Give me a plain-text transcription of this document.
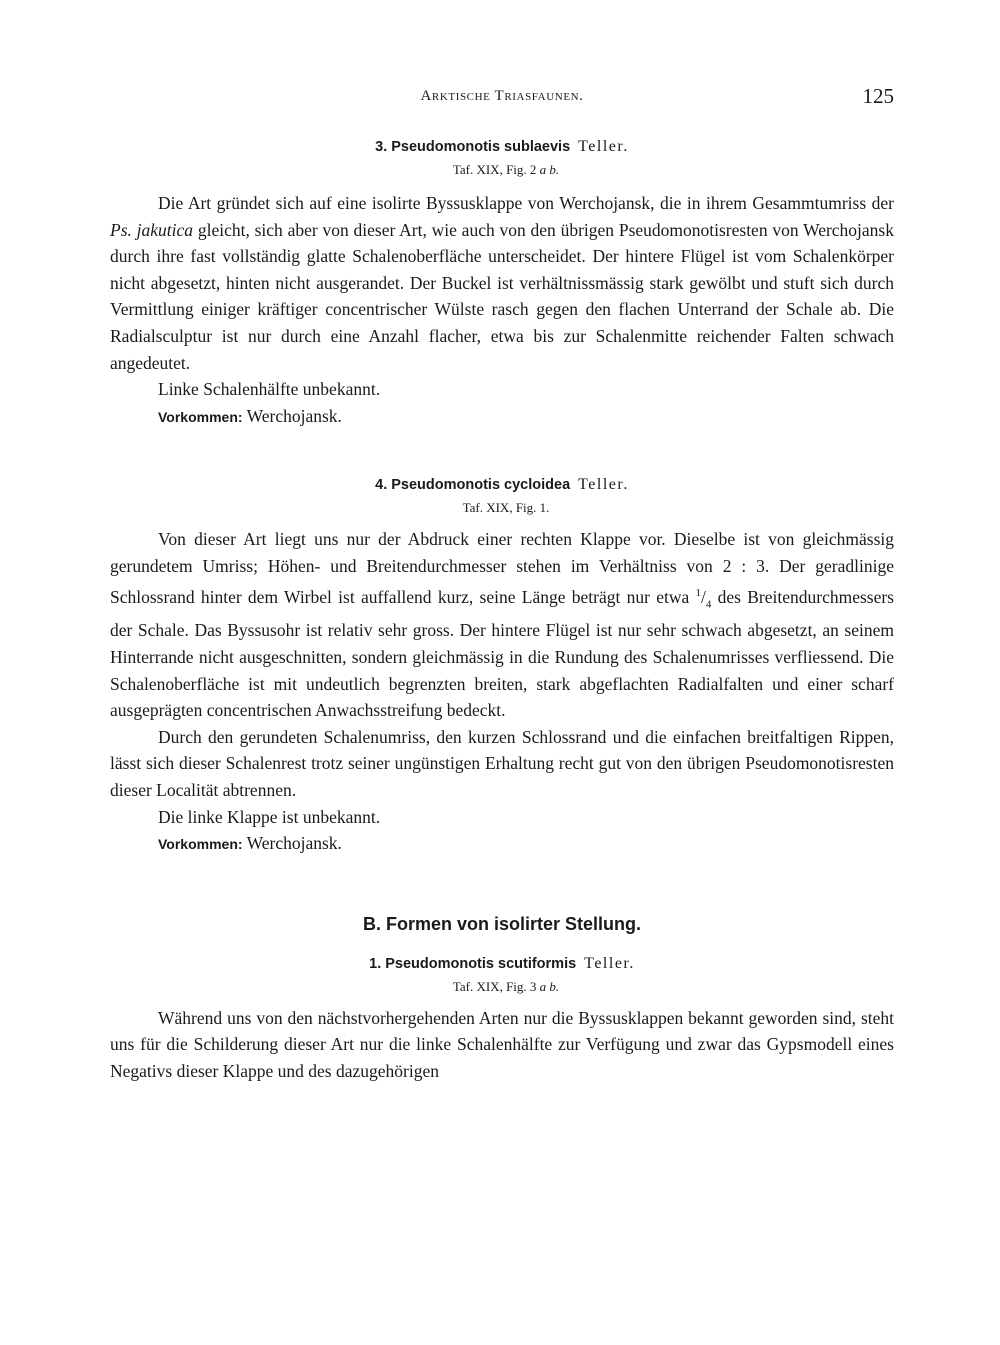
Arktische Triasfaunen.	125
3. Pseudomonotis sublaevis Teller.
Taf. XIX, Fig. 2 a b.

Die Art gründet sich auf eine isolirte Byssusklappe von Werchojansk, die in ihrem Gesammtumriss der Ps. jakutica gleicht, sich aber von dieser Art, wie auch von den übrigen Pseudomonotisresten von Werchojansk durch ihre fast vollständig glatte Schalenoberfläche unterscheidet. Der hintere Flügel ist vom Schalenkörper nicht abgesetzt, hinten nicht ausgerandet. Der Buckel ist verhältnissmässig stark gewölbt und stuft sich durch Vermittlung einiger kräftiger concentrischer Wülste rasch gegen den flachen Unterrand der Schale ab. Die Radialsculptur ist nur durch eine Anzahl flacher, etwa bis zur Schalenmitte reichender Falten schwach angedeutet.

Linke Schalenhälfte unbekannt.

Vorkommen: Werchojansk.

4. Pseudomonotis cycloidea Teller.
Taf. XIX, Fig. 1.

Von dieser Art liegt uns nur der Abdruck einer rechten Klappe vor. Dieselbe ist von gleichmässig gerundetem Umriss; Höhen- und Breitendurchmesser stehen im Verhältniss von 2 : 3. Der geradlinige Schlossrand hinter dem Wirbel ist auffallend kurz, seine Länge beträgt nur etwa $^1/_4$ des Breitendurchmessers der Schale. Das Byssusohr ist relativ sehr gross. Der hintere Flügel ist nur sehr schwach abgesetzt, an seinem Hinterrande nicht ausgeschnitten, sondern gleichmässig in die Rundung des Schalenumrisses verfliessend. Die Schalenoberfläche ist mit undeutlich begrenzten breiten, stark abgeflachten Radialfalten und einer scharf ausgeprägten concentrischen Anwachsstreifung bedeckt.

Durch den gerundeten Schalenumriss, den kurzen Schlossrand und die einfachen breitfaltigen Rippen, lässt sich dieser Schalenrest trotz seiner ungünstigen Erhaltung recht gut von den übrigen Pseudomonotisresten dieser Localität abtrennen.

Die linke Klappe ist unbekannt.

Vorkommen: Werchojansk.

B. Formen von isolirter Stellung.
1. Pseudomonotis scutiformis Teller.
Taf. XIX, Fig. 3 a b.

Während uns von den nächstvorhergehenden Arten nur die Byssusklappen bekannt geworden sind, steht uns für die Schilderung dieser Art nur die linke Schalenhälfte zur Verfügung und zwar das Gypsmodell eines Negativs dieser Klappe und des dazugehörigen
